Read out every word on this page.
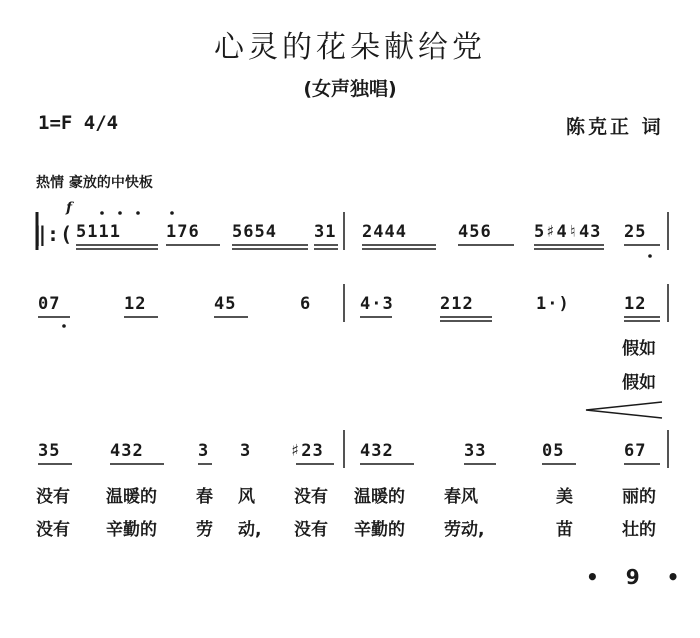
心灵的花朵献给党
(女声独唱)
1=F 4/4	陈克正 词
热情 豪放的中快板
‖:(
f
5111	176 5654 31 2444	456 5♯4♮43 25
07	12	45	6	4·3	212	1·)	12
假如
假如
35	432	3 3 ♯23 432	33	05	67
没有 温暖的 春 风 没有 温暖的 春风	美	丽的
没有 辛勤的 劳 动, 没有 辛勤的 劳动,	苗	壮的
• 9 •
